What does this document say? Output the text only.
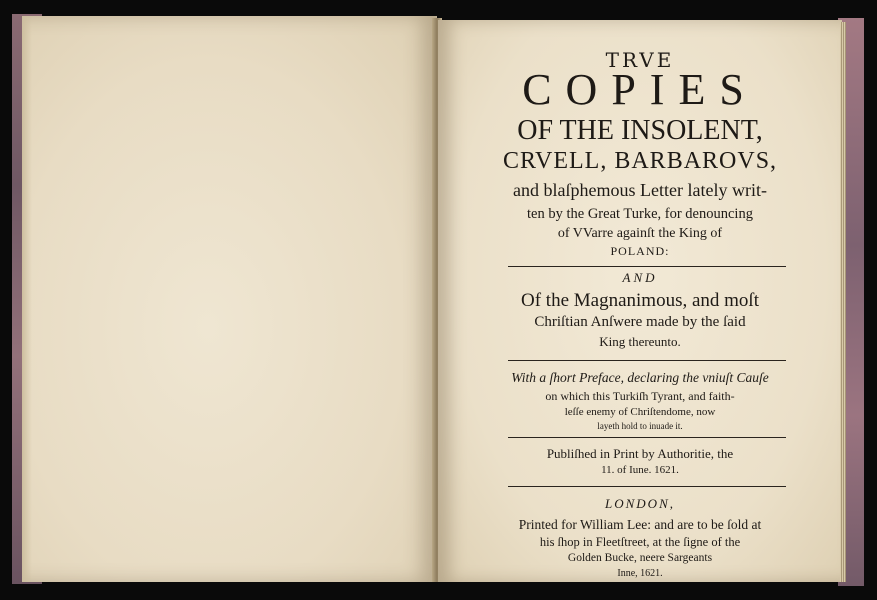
TRVE
COPIES
OF THE INSOLENT,
CRVELL, BARBAROVS,
and blaſphemous Letter lately writ-
ten by the Great Turke, for denouncing
of VVarre againſt the King of
POLAND:
AND
Of the Magnanimous, and moſt
Chriſtian Anſwere made by the ſaid
King thereunto.
With a ſhort Preface, declaring the vniuſt Cauſe
on which this Turkiſh Tyrant, and faith-
leſſe enemy of Chriſtendome, now
layeth hold to inuade it.
Publiſhed in Print by Authoritie, the
11. of Iune. 1621.
LONDON,
Printed for William Lee: and are to be ſold at
his ſhop in Fleetſtreet, at the ſigne of the
Golden Bucke, neere Sargeants
Inne, 1621.
